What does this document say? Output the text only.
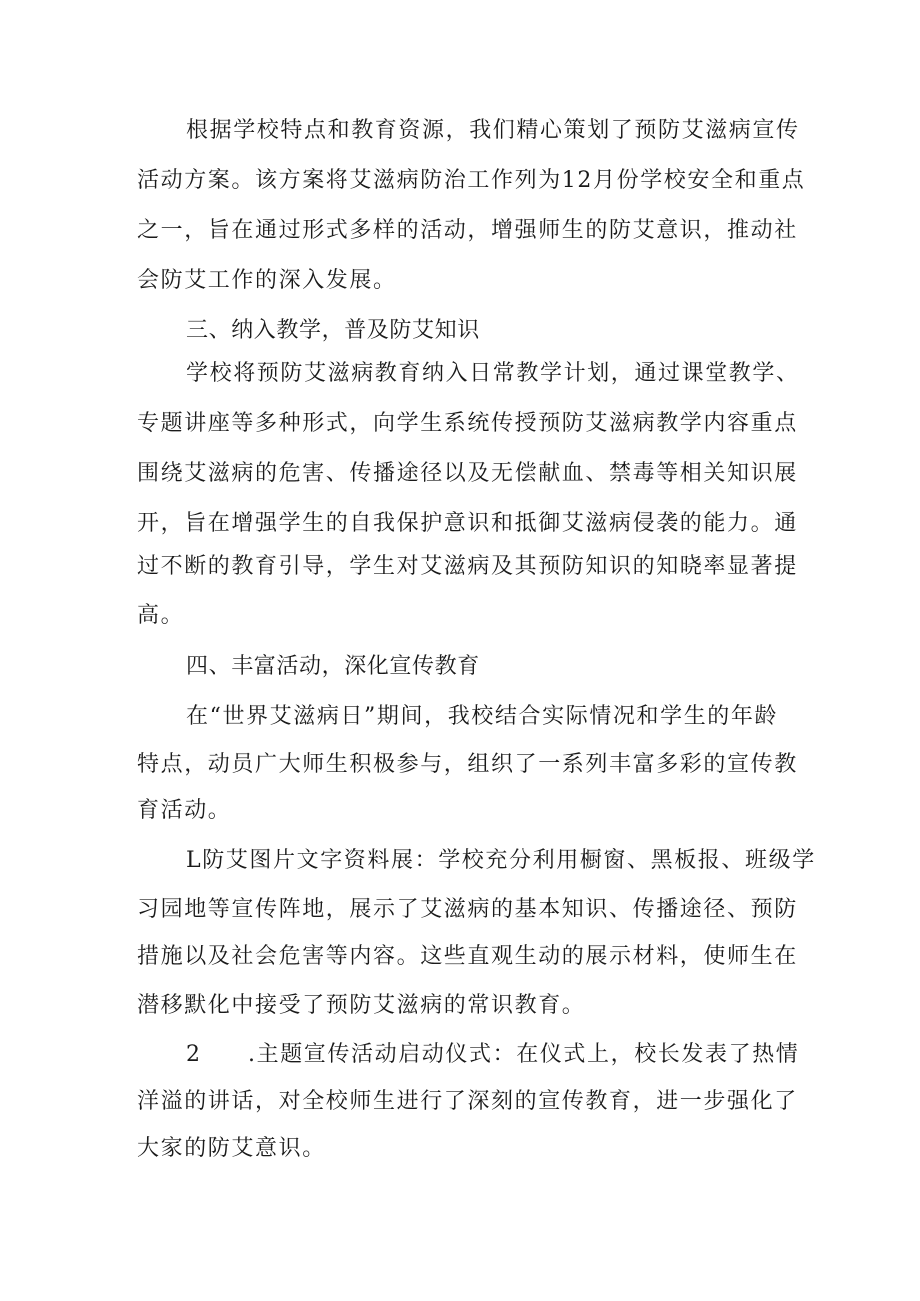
根据学校特点和教育资源，我们精心策划了预防艾滋病宣传

活动方案。该方案将艾滋病防治工作列为12月份学校安全和重点

之一，旨在通过形式多样的活动，增强师生的防艾意识，推动社

会防艾工作的深入发展。

三、纳入教学，普及防艾知识

学校将预防艾滋病教育纳入日常教学计划，通过课堂教学、

专题讲座等多种形式，向学生系统传授预防艾滋病教学内容重点

围绕艾滋病的危害、传播途径以及无偿献血、禁毒等相关知识展

开，旨在增强学生的自我保护意识和抵御艾滋病侵袭的能力。通

过不断的教育引导，学生对艾滋病及其预防知识的知晓率显著提

高。

四、丰富活动，深化宣传教育

在“世界艾滋病日”期间，我校结合实际情况和学生的年龄

特点，动员广大师生积极参与，组织了一系列丰富多彩的宣传教

育活动。

L防艾图片文字资料展：学校充分利用橱窗、黑板报、班级学

习园地等宣传阵地，展示了艾滋病的基本知识、传播途径、预防

措施以及社会危害等内容。这些直观生动的展示材料，使师生在

潜移默化中接受了预防艾滋病的常识教育。

2	.主题宣传活动启动仪式：在仪式上，校长发表了热情

洋溢的讲话，对全校师生进行了深刻的宣传教育，进一步强化了

大家的防艾意识。
